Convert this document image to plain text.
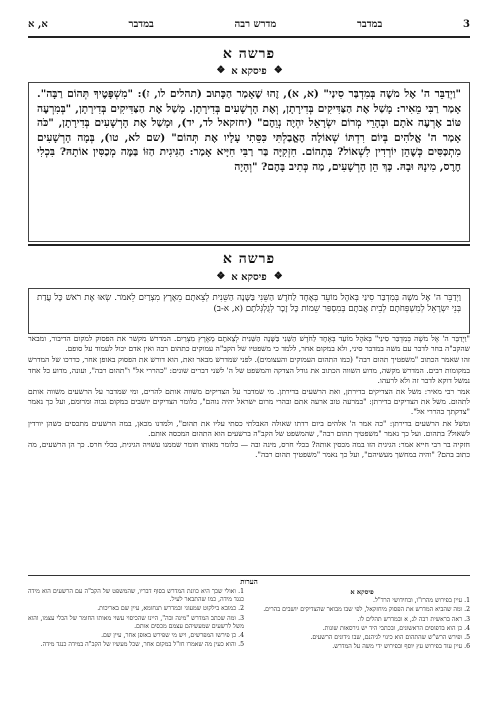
א, א	במדבר	מדרש רבה	במדבר	3
פרשה א
❖
פיסקא א
❖
"וַיְדַבֵּר ה' אֶל משֶׁה בְּמִדְבַּר סִינַי" (א, א), זֶהוּ שֶׁאָמַר הַכָּתוּב (תהלים לו, ז): "מִשְׁפָּטֶיךָ תְּהוֹם רַבָּה". אָמַר רַבִּי מֵאִיר: מָשַׁל אֶת הַצַּדִּיקִים בְּדִירָתָן, וְאֶת הָרְשָׁעִים בְּדִירָתָן. מָשַׁל אֶת הַצַּדִּיקִים בְּדִירָתָן, "בְּמִרְעֶה טּוֹב אֶרְעֶה אֹתָם וּבְהָרֵי מְרוֹם יִשְׂרָאֵל יִהְיֶה נְוֵהֶם" (יחזקאל לד, יד), וּמָשַׁל אֶת הָרְשָׁעִים בְּדִירָתָן, "כֹּה אָמַר ה' אֱלֹהִים בְּיוֹם רִדְתּוֹ שְׁאוֹלָה הֶאֱבַלְתִּי כִּסֵּתִי עָלָיו אֶת תְּהוֹם" (שם לא, טו), בְּמָה הָרְשָׁעִים מִתְכַּסִּים כְּשֶׁהֵן יוֹרְדִין לִשְׁאוֹל? בִּתְהוֹם. חִזְקִיָּה בַּר רַבִּי חִיָּיא אָמַר: הַגִּיגִית הַזּוֹ בַּמֶּה מְכַסִּין אוֹתָהּ? בִּכְלִי חֶרֶס, מִינָהּ וּבָהּ. כָּךְ הֵן הָרְשָׁעִים, מַה כְּתִיב בָּהֶם? "וְהָיָה
פרשה א
❖
פיסקא א
❖
וַיְדַבֵּר ה' אֶל משֶׁה בְּמִדְבַּר סִינַי בְּאֹהֶל מוֹעֵד בְּאֶחָד לַחֹדֶשׁ הַשֵּׁנִי בַּשָּׁנָה הַשֵּׁנִית לְצֵאתָם מֵאֶרֶץ מִצְרַיִם לֵאמֹר. שְׂאוּ אֶת רֹאשׁ כָּל עֲדַת בְּנֵי יִשְׂרָאֵל לְמִשְׁפְּחֹתָם לְבֵית אֲבֹתָם בְּמִסְפַּר שֵׁמוֹת כָּל זָכָר לְגֻלְגְּלֹתָם (א, א-ב)

"וַיְדַבֵּר ה' אֶל משֶׁה בְּמִדְבַּר סִינַי" בְּאֹהֶל מוֹעֵד בְּאֶחָד לַחֹדֶשׁ הַשֵּׁנִי בַּשָּׁנָה הַשֵּׁנִית לְצֵאתָם מֵאֶרֶץ מִצְרַיִם. המדרש מקשר את הפסוק למקום הדיבור, ומבאר שהקב"ה בחר לדבר עם משה במדבר סיני, ולא במקום אחר, ללמד כי משפטיו של הקב"ה עמוקים כתהום רבה ואין אדם יכול לעמוד על סופם.

זהו שאמר הכתוב "משפטיך תהום רבה" (כמו התהום העמוקים והעצומים). לפני שמדרש מבאר זאת, הוא דורש את הפסוק באופן אחר, כדרכו של המדרש במקומות רבים. המדרש מקשה, מדוע השווה הכתוב את גודל הצדקה והמשפט של ה' לשני דברים שונים: "כהררי אל" ו"תהום רבה", ועונה, מדוע כל אחד נמשל דוקא לדבר זה ולא לרעהו.

אמר רבי מאיר: משל את הצדיקים בדירתן, ואת הרשעים בדירתן. מי שמדבר על הצדיקים משווה אותם להרים, ומי שמדבר על הרשעים משווה אותם לתהום. משל את הצדיקים בדירתן: "במרעה טוב ארעה אתם ובהרי מרום ישראל יהיה נוהם", כלומר הצדיקים יושבים במקום גבוה ומרומם, ועל כך נאמר "צדקתך כהררי אל".

ומשל את הרשעים בדירתן: "כה אמר ה' אלהים ביום רדתו שאולה האבלתי כסתי עליו את תהום", ולמדנו מכאן, במה הרשעים מתכסים כשהן יורדין לשאול? בתהום. ועל כך נאמר "משפטיך תהום רבה", שהמשפט של הקב"ה ברשעים הוא התהום המכסה אותם.

חזקיה בר רבי חייא אמר: הגיגית הזו במה מכסין אותה? בכלי חרס, מינה ובה — כלומר מאותו חומר שממנו עשויה הגיגית, בכלי חרס. כך הן הרשעים, מה כתוב בהם? "והיה במחשך מעשיהם", ועל כך נאמר "משפטיך תהום רבה".

הערות
פיסקא א

1. עיין בפירוש מהרז"ו, ובחידושי הרד"ל.

2. ומה שהביא המדרש את הפסוק מיחזקאל, לפי שבו מבואר שהצדיקים יושבים בהרים.

3. ראה בראשית רבה לג, א ובמדרש תהלים לו.

4. כן הוא בדפוסים הראשונים, ובכתבי היד יש גירסאות שונות.

5. ופירש הרש"ש שהתהום הוא כינוי לגיהנם, שבו נידונים הרשעים.

6. עיין עוד בפירוש עץ יוסף ובפירוש ידי משה על המדרש.

1. ואולי שכך היא כוונת המדרש בסוף דבריו, שהמשפט של הקב"ה עם הרשעים הוא מידה כנגד מידה, כמו שהתבאר לעיל.

2. כמובא בילקוט שמעוני ובמדרש תנחומא, עיין שם באריכות.

3. ומה שכתב המדרש "מינה ובה", היינו שהכיסוי עשוי מאותו החומר של הכלי עצמו, והוא משל לרשעים שמעשיהם עצמם מכסים אותם.

4. כן פירשו המפרשים, ויש מי שפירש באופן אחר, עיין שם.

5. והוא כעין מה שאמרו חז"ל במקום אחר, שכל מעשיו של הקב"ה במידה כנגד מידה.
